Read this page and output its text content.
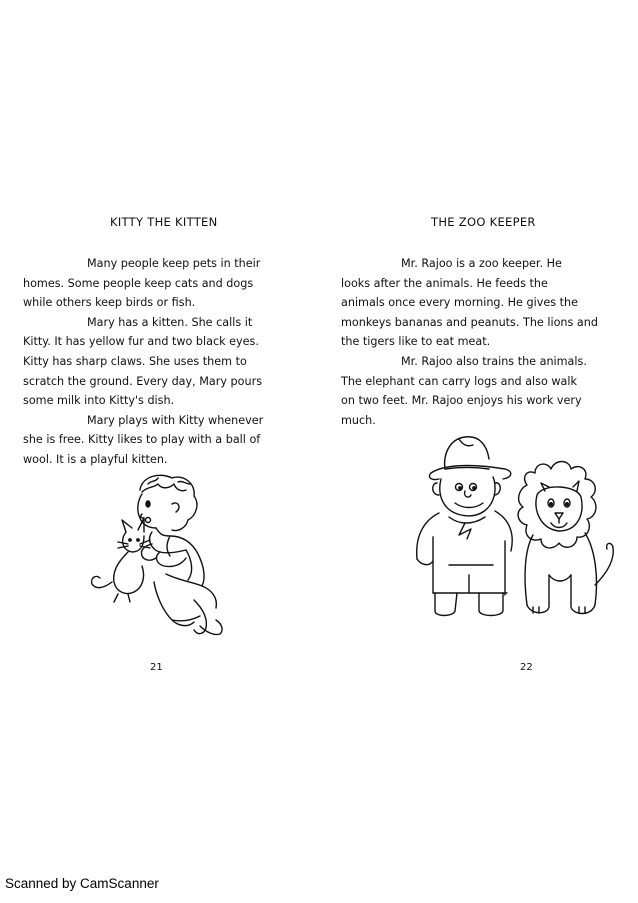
KITTY THE KITTEN
Many people keep pets in their
homes. Some people keep cats and dogs
while others keep birds or fish.
Mary has a kitten. She calls it
Kitty. It has yellow fur and two black eyes.
Kitty has sharp claws. She uses them to
scratch the ground. Every day, Mary pours
some milk into Kitty's dish.
Mary plays with Kitty whenever
she is free. Kitty likes to play with a ball of
wool. It is a playful kitten.
21
THE ZOO KEEPER
Mr. Rajoo is a zoo keeper. He
looks after the animals. He feeds the
animals once every morning. He gives the
monkeys bananas and peanuts. The lions and
the tigers like to eat meat.
Mr. Rajoo also trains the animals.
The elephant can carry logs and also walk
on two feet. Mr. Rajoo enjoys his work very
much.
22
Scanned by CamScanner
